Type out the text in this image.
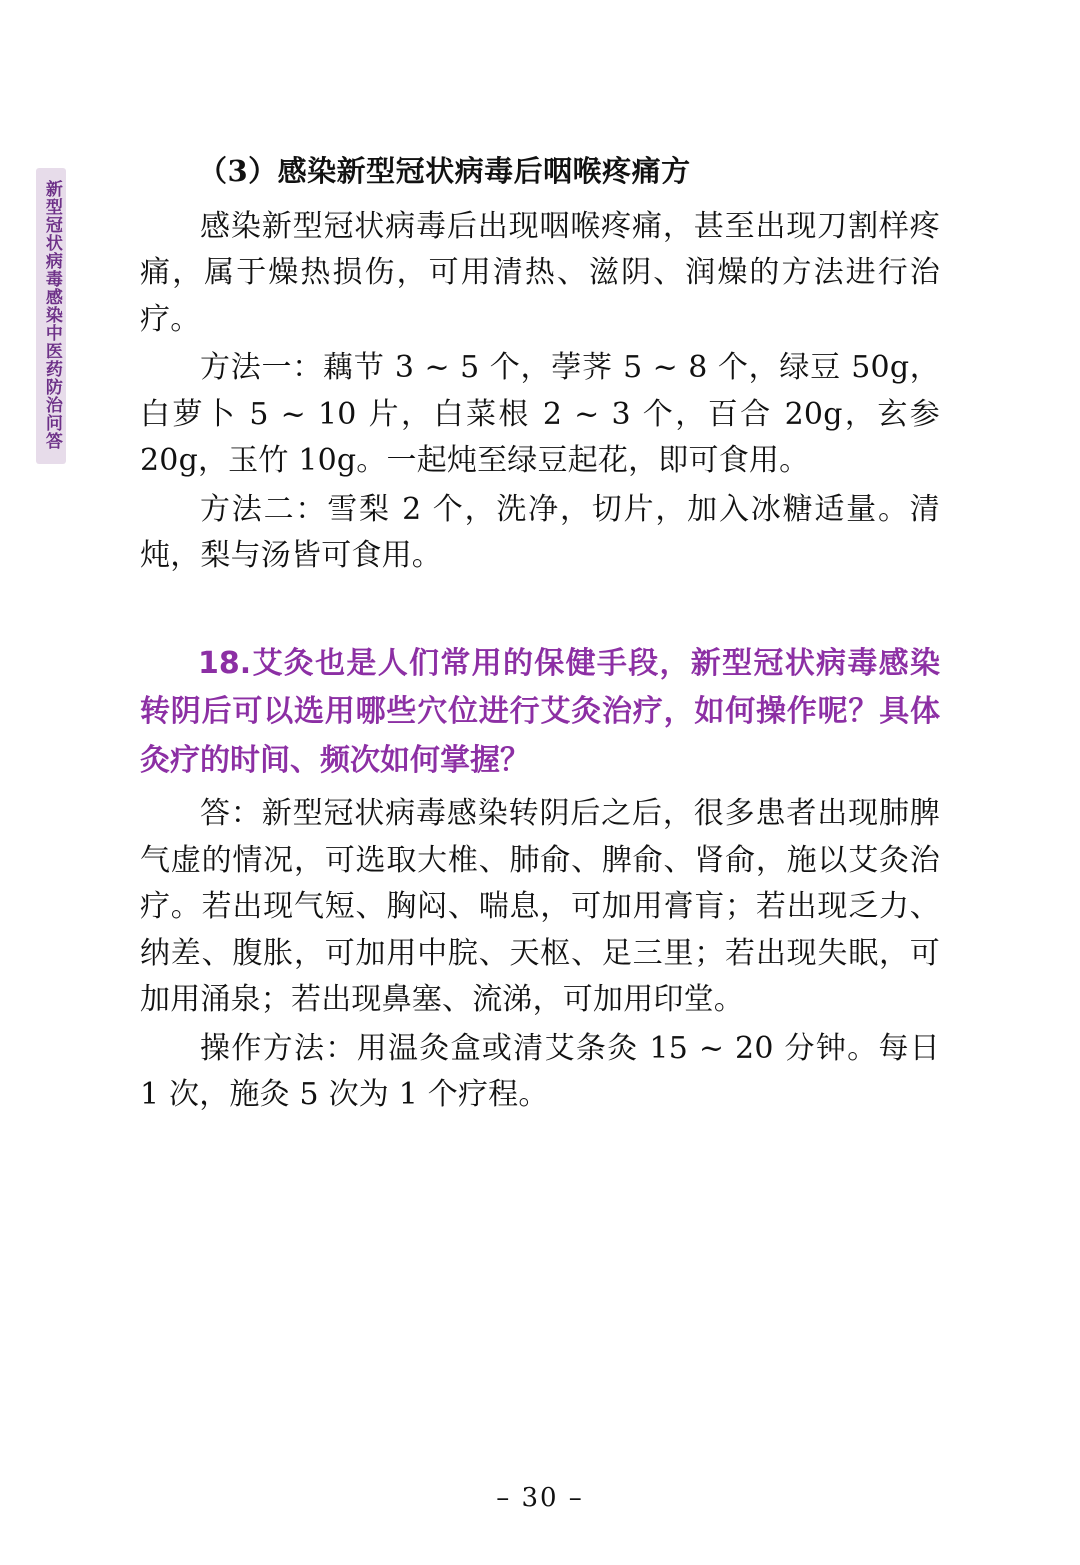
新型冠状病毒感染中医药防治问答
（3）感染新型冠状病毒后咽喉疼痛方

感染新型冠状病毒后出现咽喉疼痛，甚至出现刀割样疼痛，属于燥热损伤，可用清热、滋阴、润燥的方法进行治疗。

方法一：藕节 3 ~ 5 个，荸荠 5 ~ 8 个，绿豆 50g，白萝卜 5 ~ 10 片，白菜根 2 ~ 3 个，百合 20g，玄参 20g，玉竹 10g。一起炖至绿豆起花，即可食用。

方法二：雪梨 2 个，洗净，切片，加入冰糖适量。清炖，梨与汤皆可食用。

18.艾灸也是人们常用的保健手段，新型冠状病毒感染转阴后可以选用哪些穴位进行艾灸治疗，如何操作呢？具体灸疗的时间、频次如何掌握？

答：新型冠状病毒感染转阴后之后，很多患者出现肺脾气虚的情况，可选取大椎、肺俞、脾俞、肾俞，施以艾灸治疗。若出现气短、胸闷、喘息，可加用膏肓；若出现乏力、纳差、腹胀，可加用中脘、天枢、足三里；若出现失眠，可加用涌泉；若出现鼻塞、流涕，可加用印堂。

操作方法：用温灸盒或清艾条灸 15 ~ 20 分钟。每日 1 次，施灸 5 次为 1 个疗程。

– 30 –
